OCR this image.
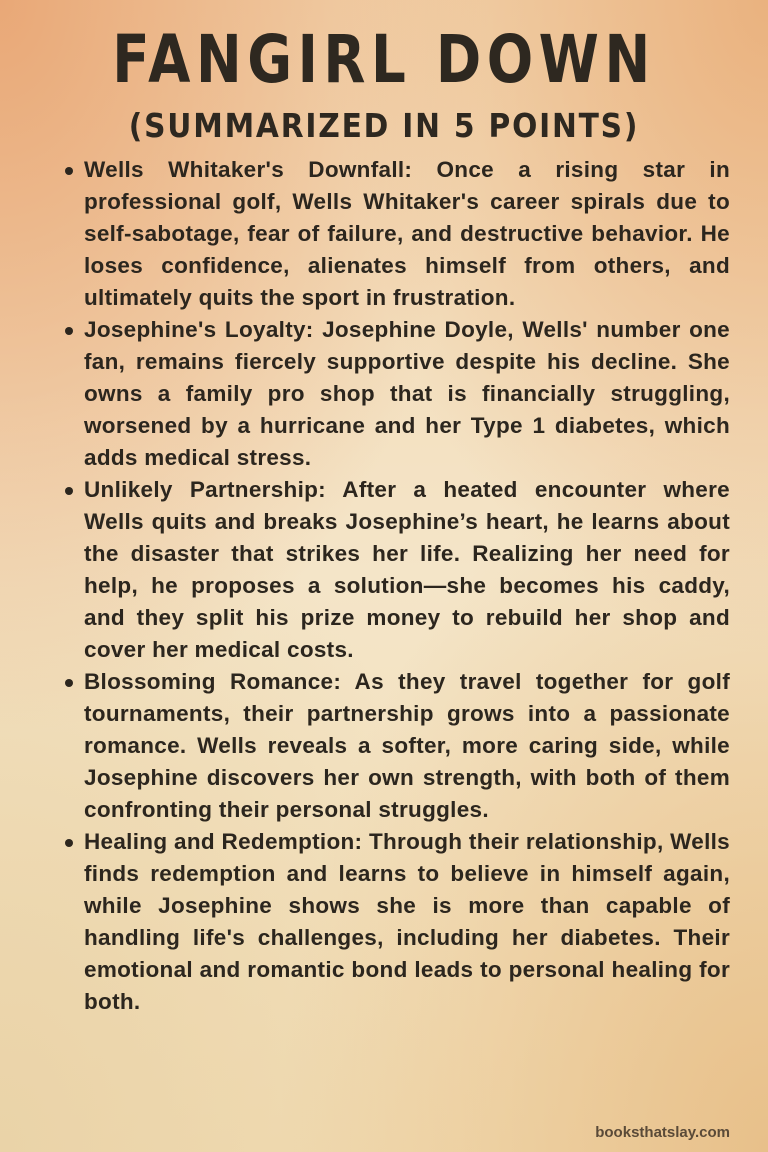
FANGIRL DOWN
(SUMMARIZED IN 5 POINTS)
Wells Whitaker's Downfall: Once a rising star in professional golf, Wells Whitaker's career spirals due to self-sabotage, fear of failure, and destructive behavior. He loses confidence, alienates himself from others, and ultimately quits the sport in frustration.
Josephine's Loyalty: Josephine Doyle, Wells' number one fan, remains fiercely supportive despite his decline. She owns a family pro shop that is financially struggling, worsened by a hurricane and her Type 1 diabetes, which adds medical stress.
Unlikely Partnership: After a heated encounter where Wells quits and breaks Josephine’s heart, he learns about the disaster that strikes her life. Realizing her need for help, he proposes a solution—she becomes his caddy, and they split his prize money to rebuild her shop and cover her medical costs.
Blossoming Romance: As they travel together for golf tournaments, their partnership grows into a passionate romance. Wells reveals a softer, more caring side, while Josephine discovers her own strength, with both of them confronting their personal struggles.
Healing and Redemption: Through their relationship, Wells finds redemption and learns to believe in himself again, while Josephine shows she is more than capable of handling life's challenges, including her diabetes. Their emotional and romantic bond leads to personal healing for both.
booksthatslay.com
